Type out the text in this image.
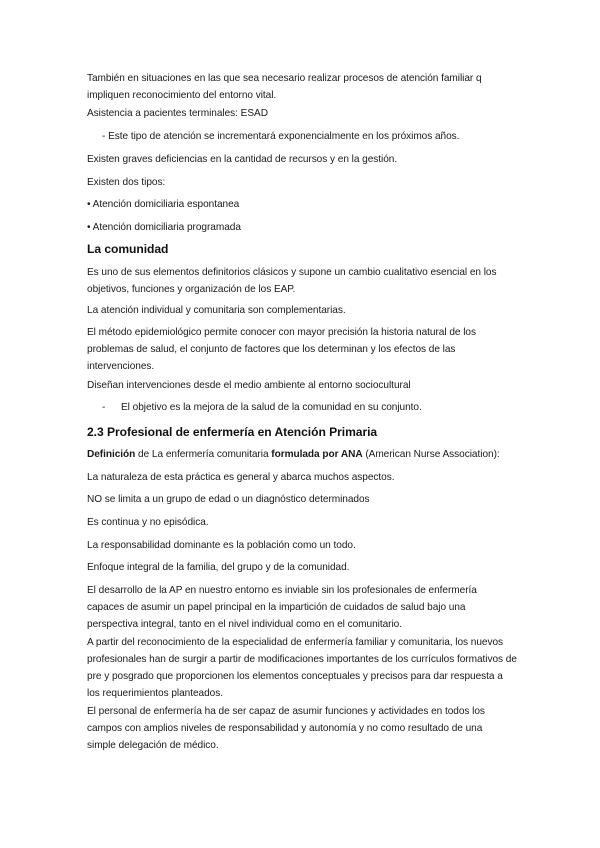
También en situaciones en las que sea necesario realizar procesos de atención familiar q impliquen reconocimiento del entorno vital.
Asistencia a pacientes terminales: ESAD
- Este tipo de atención se incrementará exponencialmente en los próximos años.
Existen graves deficiencias en la cantidad de recursos y en la gestión.
Existen dos tipos:
• Atención domiciliaria espontanea
• Atención domiciliaria programada
La comunidad
Es uno de sus elementos definitorios clásicos y supone un cambio cualitativo esencial en los objetivos, funciones y organización de los EAP.
La atención individual y comunitaria son complementarias.
El método epidemiológico permite conocer con mayor precisión la historia natural de los problemas de salud, el conjunto de factores que los determinan y los efectos de las intervenciones.
Diseñan intervenciones desde el medio ambiente al entorno sociocultural
-	El objetivo es la mejora de la salud de la comunidad en su conjunto.
2.3 Profesional de enfermería en Atención Primaria
Definición de La enfermería comunitaria formulada por ANA (American Nurse Association):
La naturaleza de esta práctica es general y abarca muchos aspectos.
NO se limita a un grupo de edad o un diagnóstico determinados
Es continua y no episódica.
La responsabilidad dominante es la población como un todo.
Enfoque integral de la familia, del grupo y de la comunidad.
El desarrollo de la AP en nuestro entorno es inviable sin los profesionales de enfermería capaces de asumir un papel principal en la impartición de cuidados de salud bajo una perspectiva integral, tanto en el nivel individual como en el comunitario.
A partir del reconocimiento de la especialidad de enfermería familiar y comunitaria, los nuevos profesionales han de surgir a partir de modificaciones importantes de los currículos formativos de pre y posgrado que proporcionen los elementos conceptuales y precisos para dar respuesta a los requerimientos planteados.
El personal de enfermería ha de ser capaz de asumir funciones y actividades en todos los campos con amplios niveles de responsabilidad y autonomía y no como resultado de una simple delegación de médico.
